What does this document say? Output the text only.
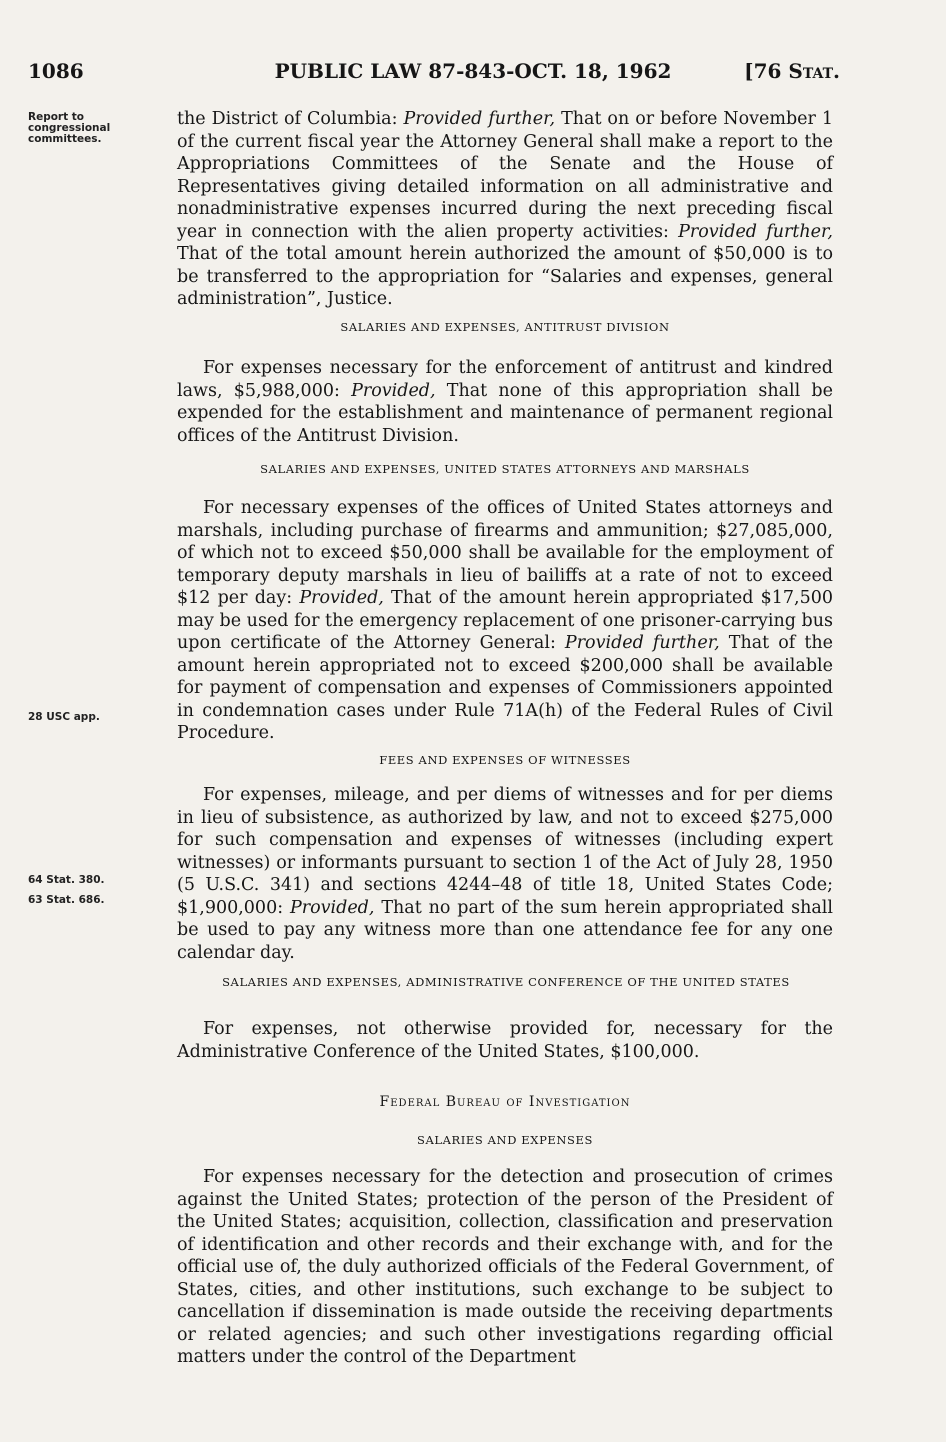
1086	PUBLIC LAW 87-843-OCT. 18, 1962	[76 Stat.
Report to congressional committees.
28 USC app.
64 Stat. 380.
63 Stat. 686.

the District of Columbia: Provided further, That on or before November 1 of the current fiscal year the Attorney General shall make a report to the Appropriations Committees of the Senate and the House of Representatives giving detailed information on all administrative and nonadministrative expenses incurred during the next preceding fiscal year in connection with the alien property activities: Provided further, That of the total amount herein authorized the amount of $50,000 is to be transferred to the appropriation for “Salaries and expenses, general administration”, Justice.

SALARIES AND EXPENSES, ANTITRUST DIVISION

For expenses necessary for the enforcement of antitrust and kindred laws, $5,988,000: Provided, That none of this appropriation shall be expended for the establishment and maintenance of permanent regional offices of the Antitrust Division.

SALARIES AND EXPENSES, UNITED STATES ATTORNEYS AND MARSHALS

For necessary expenses of the offices of United States attorneys and marshals, including purchase of firearms and ammunition; $27,085,000, of which not to exceed $50,000 shall be available for the employment of temporary deputy marshals in lieu of bailiffs at a rate of not to exceed $12 per day: Provided, That of the amount herein appropriated $17,500 may be used for the emergency replacement of one prisoner-carrying bus upon certificate of the Attorney General: Provided further, That of the amount herein appropriated not to exceed $200,000 shall be available for payment of compensation and expenses of Commissioners appointed in condemnation cases under Rule 71A(h) of the Federal Rules of Civil Procedure.

FEES AND EXPENSES OF WITNESSES

For expenses, mileage, and per diems of witnesses and for per diems in lieu of subsistence, as authorized by law, and not to exceed $275,000 for such compensation and expenses of witnesses (including expert witnesses) or informants pursuant to section 1 of the Act of July 28, 1950 (5 U.S.C. 341) and sections 4244–48 of title 18, United States Code; $1,900,000: Provided, That no part of the sum herein appropriated shall be used to pay any witness more than one attendance fee for any one calendar day.

SALARIES AND EXPENSES, ADMINISTRATIVE CONFERENCE OF THE UNITED STATES

For expenses, not otherwise provided for, necessary for the Administrative Conference of the United States, $100,000.

Federal Bureau of Investigation
SALARIES AND EXPENSES

For expenses necessary for the detection and prosecution of crimes against the United States; protection of the person of the President of the United States; acquisition, collection, classification and preservation of identification and other records and their exchange with, and for the official use of, the duly authorized officials of the Federal Government, of States, cities, and other institutions, such exchange to be subject to cancellation if dissemination is made outside the receiving departments or related agencies; and such other investigations regarding official matters under the control of the Department
